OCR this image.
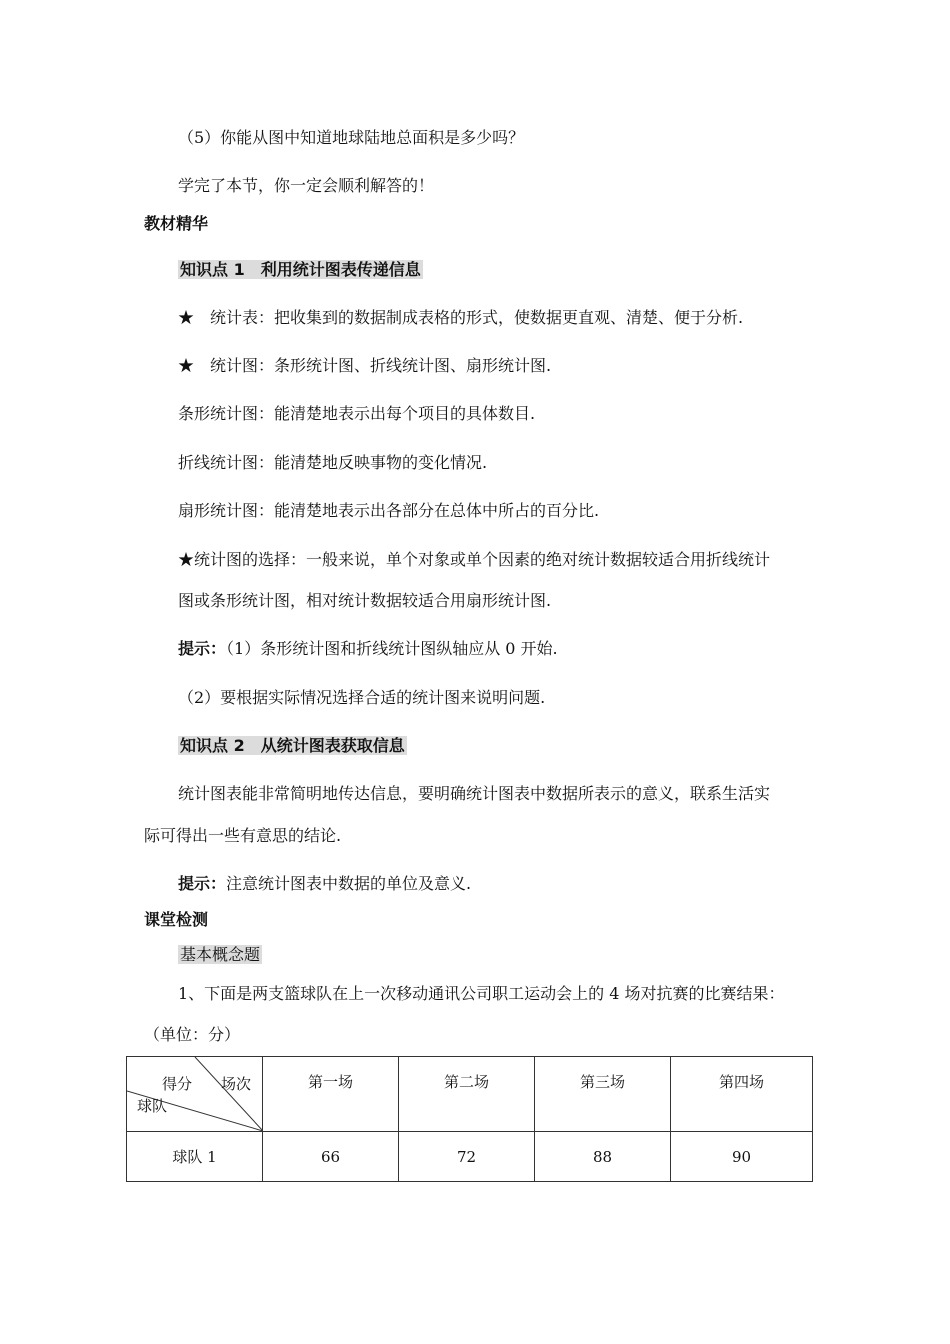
（5）你能从图中知道地球陆地总面积是多少吗？
学完了本节，你一定会顺利解答的！
教材精华
知识点 1　利用统计图表传递信息
★　统计表：把收集到的数据制成表格的形式，使数据更直观、清楚、便于分析.
★　统计图：条形统计图、折线统计图、扇形统计图.
条形统计图：能清楚地表示出每个项目的具体数目.
折线统计图：能清楚地反映事物的变化情况.
扇形统计图：能清楚地表示出各部分在总体中所占的百分比.
★统计图的选择：一般来说，单个对象或单个因素的绝对统计数据较适合用折线统计
图或条形统计图，相对统计数据较适合用扇形统计图.
提示：（1）条形统计图和折线统计图纵轴应从 0 开始.
（2）要根据实际情况选择合适的统计图来说明问题.
知识点 2　从统计图表获取信息
统计图表能非常简明地传达信息，要明确统计图表中数据所表示的意义，联系生活实
际可得出一些有意思的结论.
提示：注意统计图表中数据的单位及意义.
课堂检测
基本概念题
1、下面是两支篮球队在上一次移动通讯公司职工运动会上的 4 场对抗赛的比赛结果：
（单位：分）
得分 场次
球队	第一场	第二场	第三场	第四场
球队 1	66	72	88	90
